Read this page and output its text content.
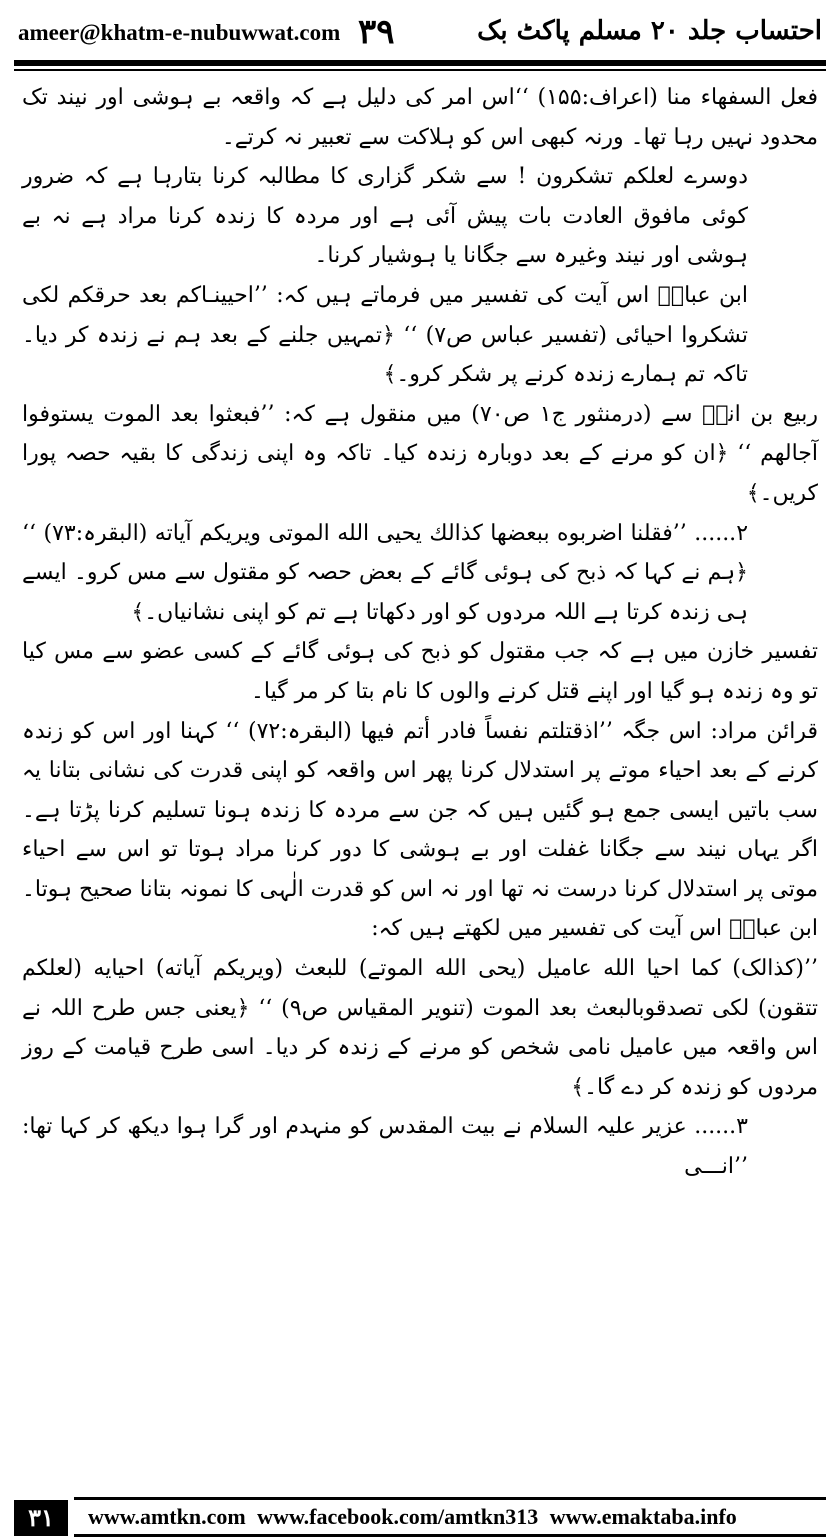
ameer@khatm-e-nubuwwat.com ۳۹	احتساب جلد ۲۰ مسلم پاکٹ بک

فعل السفهاء منا (اعراف:۱۵۵) ‘‘اس امر کی دلیل ہے کہ واقعہ بے ہوشی اور نیند تک محدود نہیں رہا تھا۔ ورنہ کبھی اس کو ہلاکت سے تعبیر نہ کرتے۔

دوسرے لعلکم تشکرون ! سے شکر گزاری کا مطالبہ کرنا بتارہا ہے کہ ضرور کوئی مافوق العادت بات پیش آئی ہے اور مردہ کا زندہ کرنا مراد ہے نہ بے ہوشی اور نیند وغیرہ سے جگانا یا ہوشیار کرنا۔

ابن عباسؓ اس آیت کی تفسیر میں فرماتے ہیں کہ: ’’احیینـاکم بعد حرقکم لکی تشکروا احیائی (تفسیر عباس ص۷) ‘‘ ﴿تمہیں جلنے کے بعد ہم نے زندہ کر دیا۔ تاکہ تم ہمارے زندہ کرنے پر شکر کرو۔﴾

ربیع بن انسؓ سے (درمنثور ج۱ ص۷۰) میں منقول ہے کہ: ’’فبعثوا بعد الموت یستوفوا آجالهم ‘‘ ﴿ان کو مرنے کے بعد دوبارہ زندہ کیا۔ تاکہ وہ اپنی زندگی کا بقیہ حصہ پورا کریں۔﴾

۲...... ’’فقلنا اضربوه ببعضها كذالك يحيى الله الموتى ويريكم آياته (البقرہ:۷۳) ‘‘ ﴿ہم نے کہا کہ ذبح کی ہوئی گائے کے بعض حصہ کو مقتول سے مس کرو۔ ایسے ہی زندہ کرتا ہے اللہ مردوں کو اور دکھاتا ہے تم کو اپنی نشانیاں۔﴾

تفسیر خازن میں ہے کہ جب مقتول کو ذبح کی ہوئی گائے کے کسی عضو سے مس کیا تو وہ زندہ ہو گیا اور اپنے قتل کرنے والوں کا نام بتا کر مر گیا۔

قرائن مراد: اس جگہ ’’اذقتلتم نفساً فادر أتم فيها (البقرہ:۷۲) ‘‘ کہنا اور اس کو زندہ کرنے کے بعد احیاء موتے پر استدلال کرنا پھر اس واقعہ کو اپنی قدرت کی نشانی بتانا یہ سب باتیں ایسی جمع ہو گئیں ہیں کہ جن سے مردہ کا زندہ ہونا تسلیم کرنا پڑتا ہے۔ اگر یہاں نیند سے جگانا غفلت اور بے ہوشی کا دور کرنا مراد ہوتا تو اس سے احیاء موتی پر استدلال کرنا درست نہ تھا اور نہ اس کو قدرت الٰہی کا نمونہ بتانا صحیح ہوتا۔ ابن عباسؓ اس آیت کی تفسیر میں لکھتے ہیں کہ:

’’(کذالک) کما احیا الله عامیل (یحی الله الموتے) للبعث (ویریکم آیاته) احیایه (لعلکم تتقون) لکی تصدقوبالبعث بعد الموت (تنویر المقیاس ص۹) ‘‘ ﴿یعنی جس طرح اللہ نے اس واقعہ میں عامیل نامی شخص کو مرنے کے زندہ کر دیا۔ اسی طرح قیامت کے روز مردوں کو زندہ کر دے گا۔﴾

۳...... عزیر علیہ السلام نے بیت المقدس کو منہدم اور گرا ہوا دیکھ کر کہا تھا: ’’انـــی

۳۱	www.amtkn.com www.facebook.com/amtkn313 www.emaktaba.info
